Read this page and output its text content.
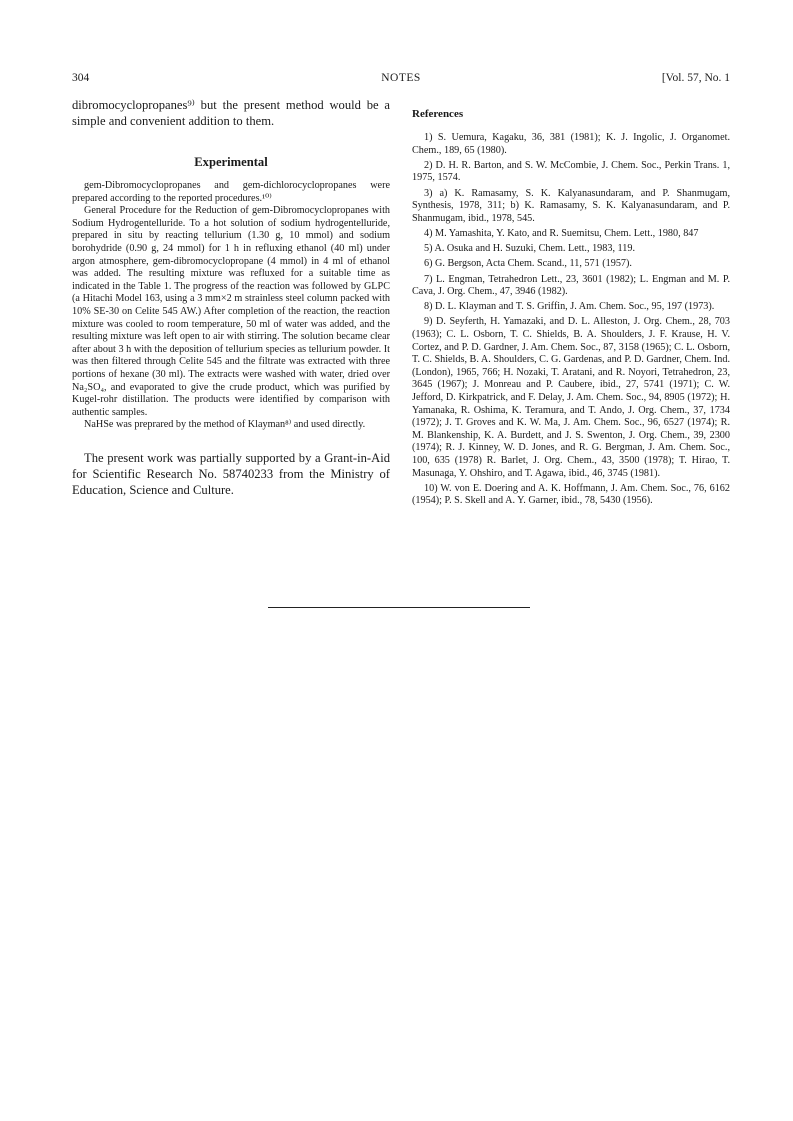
304	NOTES	[Vol. 57, No. 1

dibromocyclopropanes⁹⁾ but the present method would be a simple and convenient addition to them.

Experimental

gem-Dibromocyclopropanes and gem-dichlorocyclopropanes were prepared according to the reported procedures.¹⁰⁾

General Procedure for the Reduction of gem-Dibromocyclopropanes with Sodium Hydrogentelluride. To a hot solution of sodium hydrogentelluride, prepared in situ by reacting tellurium (1.30 g, 10 mmol) and sodium borohydride (0.90 g, 24 mmol) for 1 h in refluxing ethanol (40 ml) under argon atmosphere, gem-dibromocyclopropane (4 mmol) in 4 ml of ethanol was added. The resulting mixture was refluxed for a suitable time as indicated in the Table 1. The progress of the reaction was followed by GLPC (a Hitachi Model 163, using a 3 mm×2 m strainless steel column packed with 10% SE-30 on Celite 545 AW.) After completion of the reaction, the reaction mixture was cooled to room temperature, 50 ml of water was added, and the resulting mixture was left open to air with stirring. The solution became clear after about 3 h with the deposition of tellurium species as tellurium powder. It was then filtered through Celite 545 and the filtrate was extracted with three portions of hexane (30 ml). The extracts were washed with water, dried over Na₂SO₄, and evaporated to give the crude product, which was purified by Kugel-rohr distillation. The products were identified by comparison with authentic samples.

NaHSe was preprared by the method of Klayman⁸⁾ and used directly.

The present work was partially supported by a Grant-in-Aid for Scientific Research No. 58740233 from the Ministry of Education, Science and Culture.

References
1) S. Uemura, Kagaku, 36, 381 (1981); K. J. Ingolic, J. Organomet. Chem., 189, 65 (1980).
2) D. H. R. Barton, and S. W. McCombie, J. Chem. Soc., Perkin Trans. 1, 1975, 1574.
3) a) K. Ramasamy, S. K. Kalyanasundaram, and P. Shanmugam, Synthesis, 1978, 311; b) K. Ramasamy, S. K. Kalyanasundaram, and P. Shanmugam, ibid., 1978, 545.
4) M. Yamashita, Y. Kato, and R. Suemitsu, Chem. Lett., 1980, 847
5) A. Osuka and H. Suzuki, Chem. Lett., 1983, 119.
6) G. Bergson, Acta Chem. Scand., 11, 571 (1957).
7) L. Engman, Tetrahedron Lett., 23, 3601 (1982); L. Engman and M. P. Cava, J. Org. Chem., 47, 3946 (1982).
8) D. L. Klayman and T. S. Griffin, J. Am. Chem. Soc., 95, 197 (1973).
9) D. Seyferth, H. Yamazaki, and D. L. Alleston, J. Org. Chem., 28, 703 (1963); C. L. Osborn, T. C. Shields, B. A. Shoulders, J. F. Krause, H. V. Cortez, and P. D. Gardner, J. Am. Chem. Soc., 87, 3158 (1965); C. L. Osborn, T. C. Shields, B. A. Shoulders, C. G. Gardenas, and P. D. Gardner, Chem. Ind. (London), 1965, 766; H. Nozaki, T. Aratani, and R. Noyori, Tetrahedron, 23, 3645 (1967); J. Monreau and P. Caubere, ibid., 27, 5741 (1971); C. W. Jefford, D. Kirkpatrick, and F. Delay, J. Am. Chem. Soc., 94, 8905 (1972); H. Yamanaka, R. Oshima, K. Teramura, and T. Ando, J. Org. Chem., 37, 1734 (1972); J. T. Groves and K. W. Ma, J. Am. Chem. Soc., 96, 6527 (1974); R. M. Blankenship, K. A. Burdett, and J. S. Swenton, J. Org. Chem., 39, 2300 (1974); R. J. Kinney, W. D. Jones, and R. G. Bergman, J. Am. Chem. Soc., 100, 635 (1978) R. Barlet, J. Org. Chem., 43, 3500 (1978); T. Hirao, T. Masunaga, Y. Ohshiro, and T. Agawa, ibid., 46, 3745 (1981).
10) W. von E. Doering and A. K. Hoffmann, J. Am. Chem. Soc., 76, 6162 (1954); P. S. Skell and A. Y. Garner, ibid., 78, 5430 (1956).
